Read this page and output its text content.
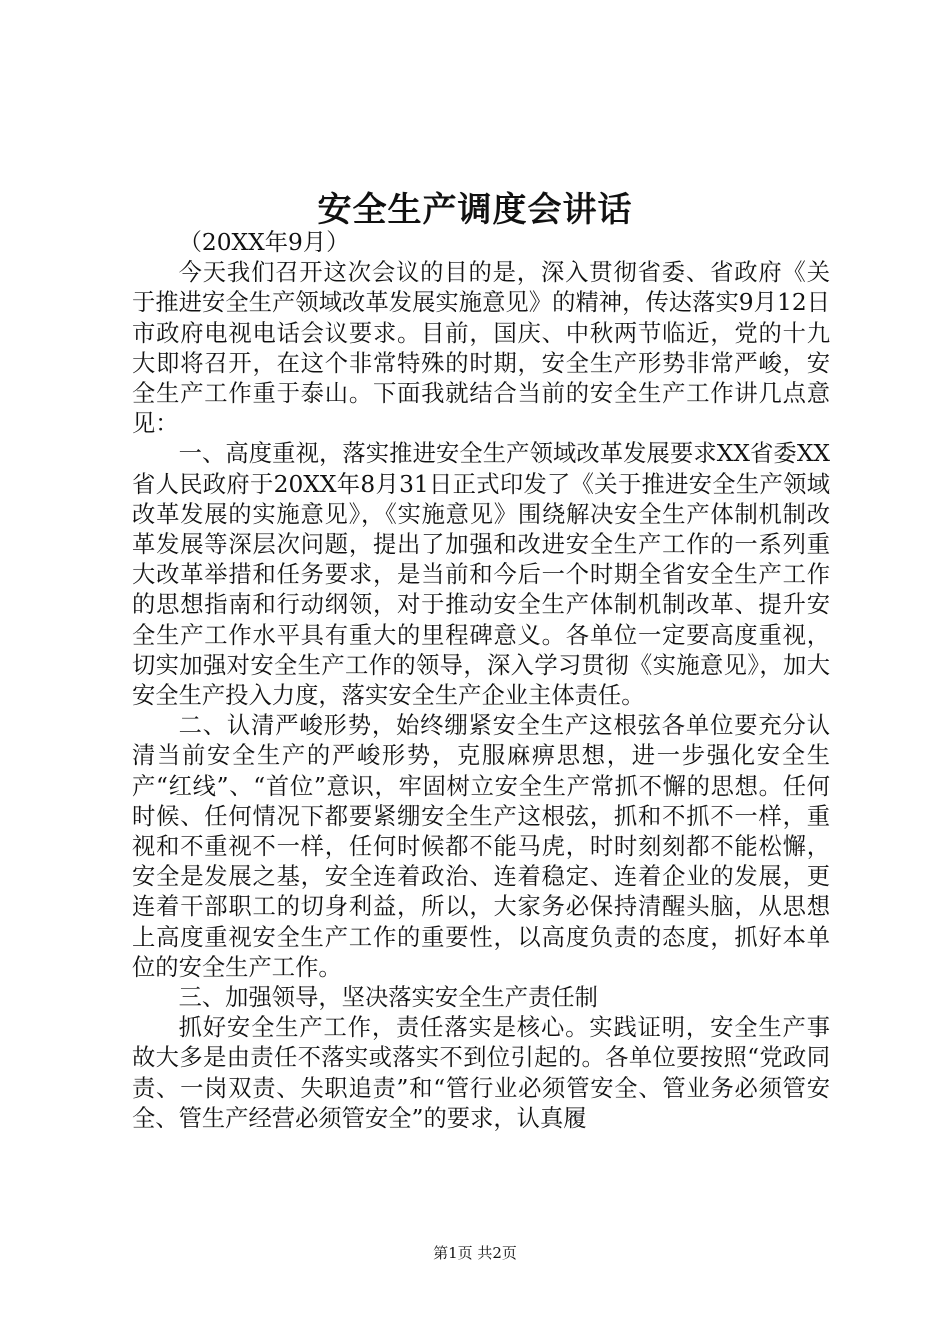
安全生产调度会讲话

（20XX年9月）

今天我们召开这次会议的目的是，深入贯彻省委、省政府《关于推进安全生产领域改革发展实施意见》的精神，传达落实9月12日市政府电视电话会议要求。目前，国庆、中秋两节临近，党的十九大即将召开，在这个非常特殊的时期，安全生产形势非常严峻，安全生产工作重于泰山。下面我就结合当前的安全生产工作讲几点意见：

一、高度重视，落实推进安全生产领域改革发展要求XX省委XX省人民政府于20XX年8月31日正式印发了《关于推进安全生产领域改革发展的实施意见》，《实施意见》围绕解决安全生产体制机制改革发展等深层次问题，提出了加强和改进安全生产工作的一系列重大改革举措和任务要求，是当前和今后一个时期全省安全生产工作的思想指南和行动纲领，对于推动安全生产体制机制改革、提升安全生产工作水平具有重大的里程碑意义。各单位一定要高度重视，切实加强对安全生产工作的领导，深入学习贯彻《实施意见》，加大安全生产投入力度，落实安全生产企业主体责任。

二、认清严峻形势，始终绷紧安全生产这根弦各单位要充分认清当前安全生产的严峻形势，克服麻痹思想，进一步强化安全生产“红线”、“首位”意识，牢固树立安全生产常抓不懈的思想。任何时候、任何情况下都要紧绷安全生产这根弦，抓和不抓不一样，重视和不重视不一样，任何时候都不能马虎，时时刻刻都不能松懈，安全是发展之基，安全连着政治、连着稳定、连着企业的发展，更连着干部职工的切身利益，所以，大家务必保持清醒头脑，从思想上高度重视安全生产工作的重要性，以高度负责的态度，抓好本单位的安全生产工作。

三、加强领导，坚决落实安全生产责任制

抓好安全生产工作，责任落实是核心。实践证明，安全生产事故大多是由责任不落实或落实不到位引起的。各单位要按照“党政同责、一岗双责、失职追责”和“管行业必须管安全、管业务必须管安全、管生产经营必须管安全”的要求，认真履

第1页 共2页
